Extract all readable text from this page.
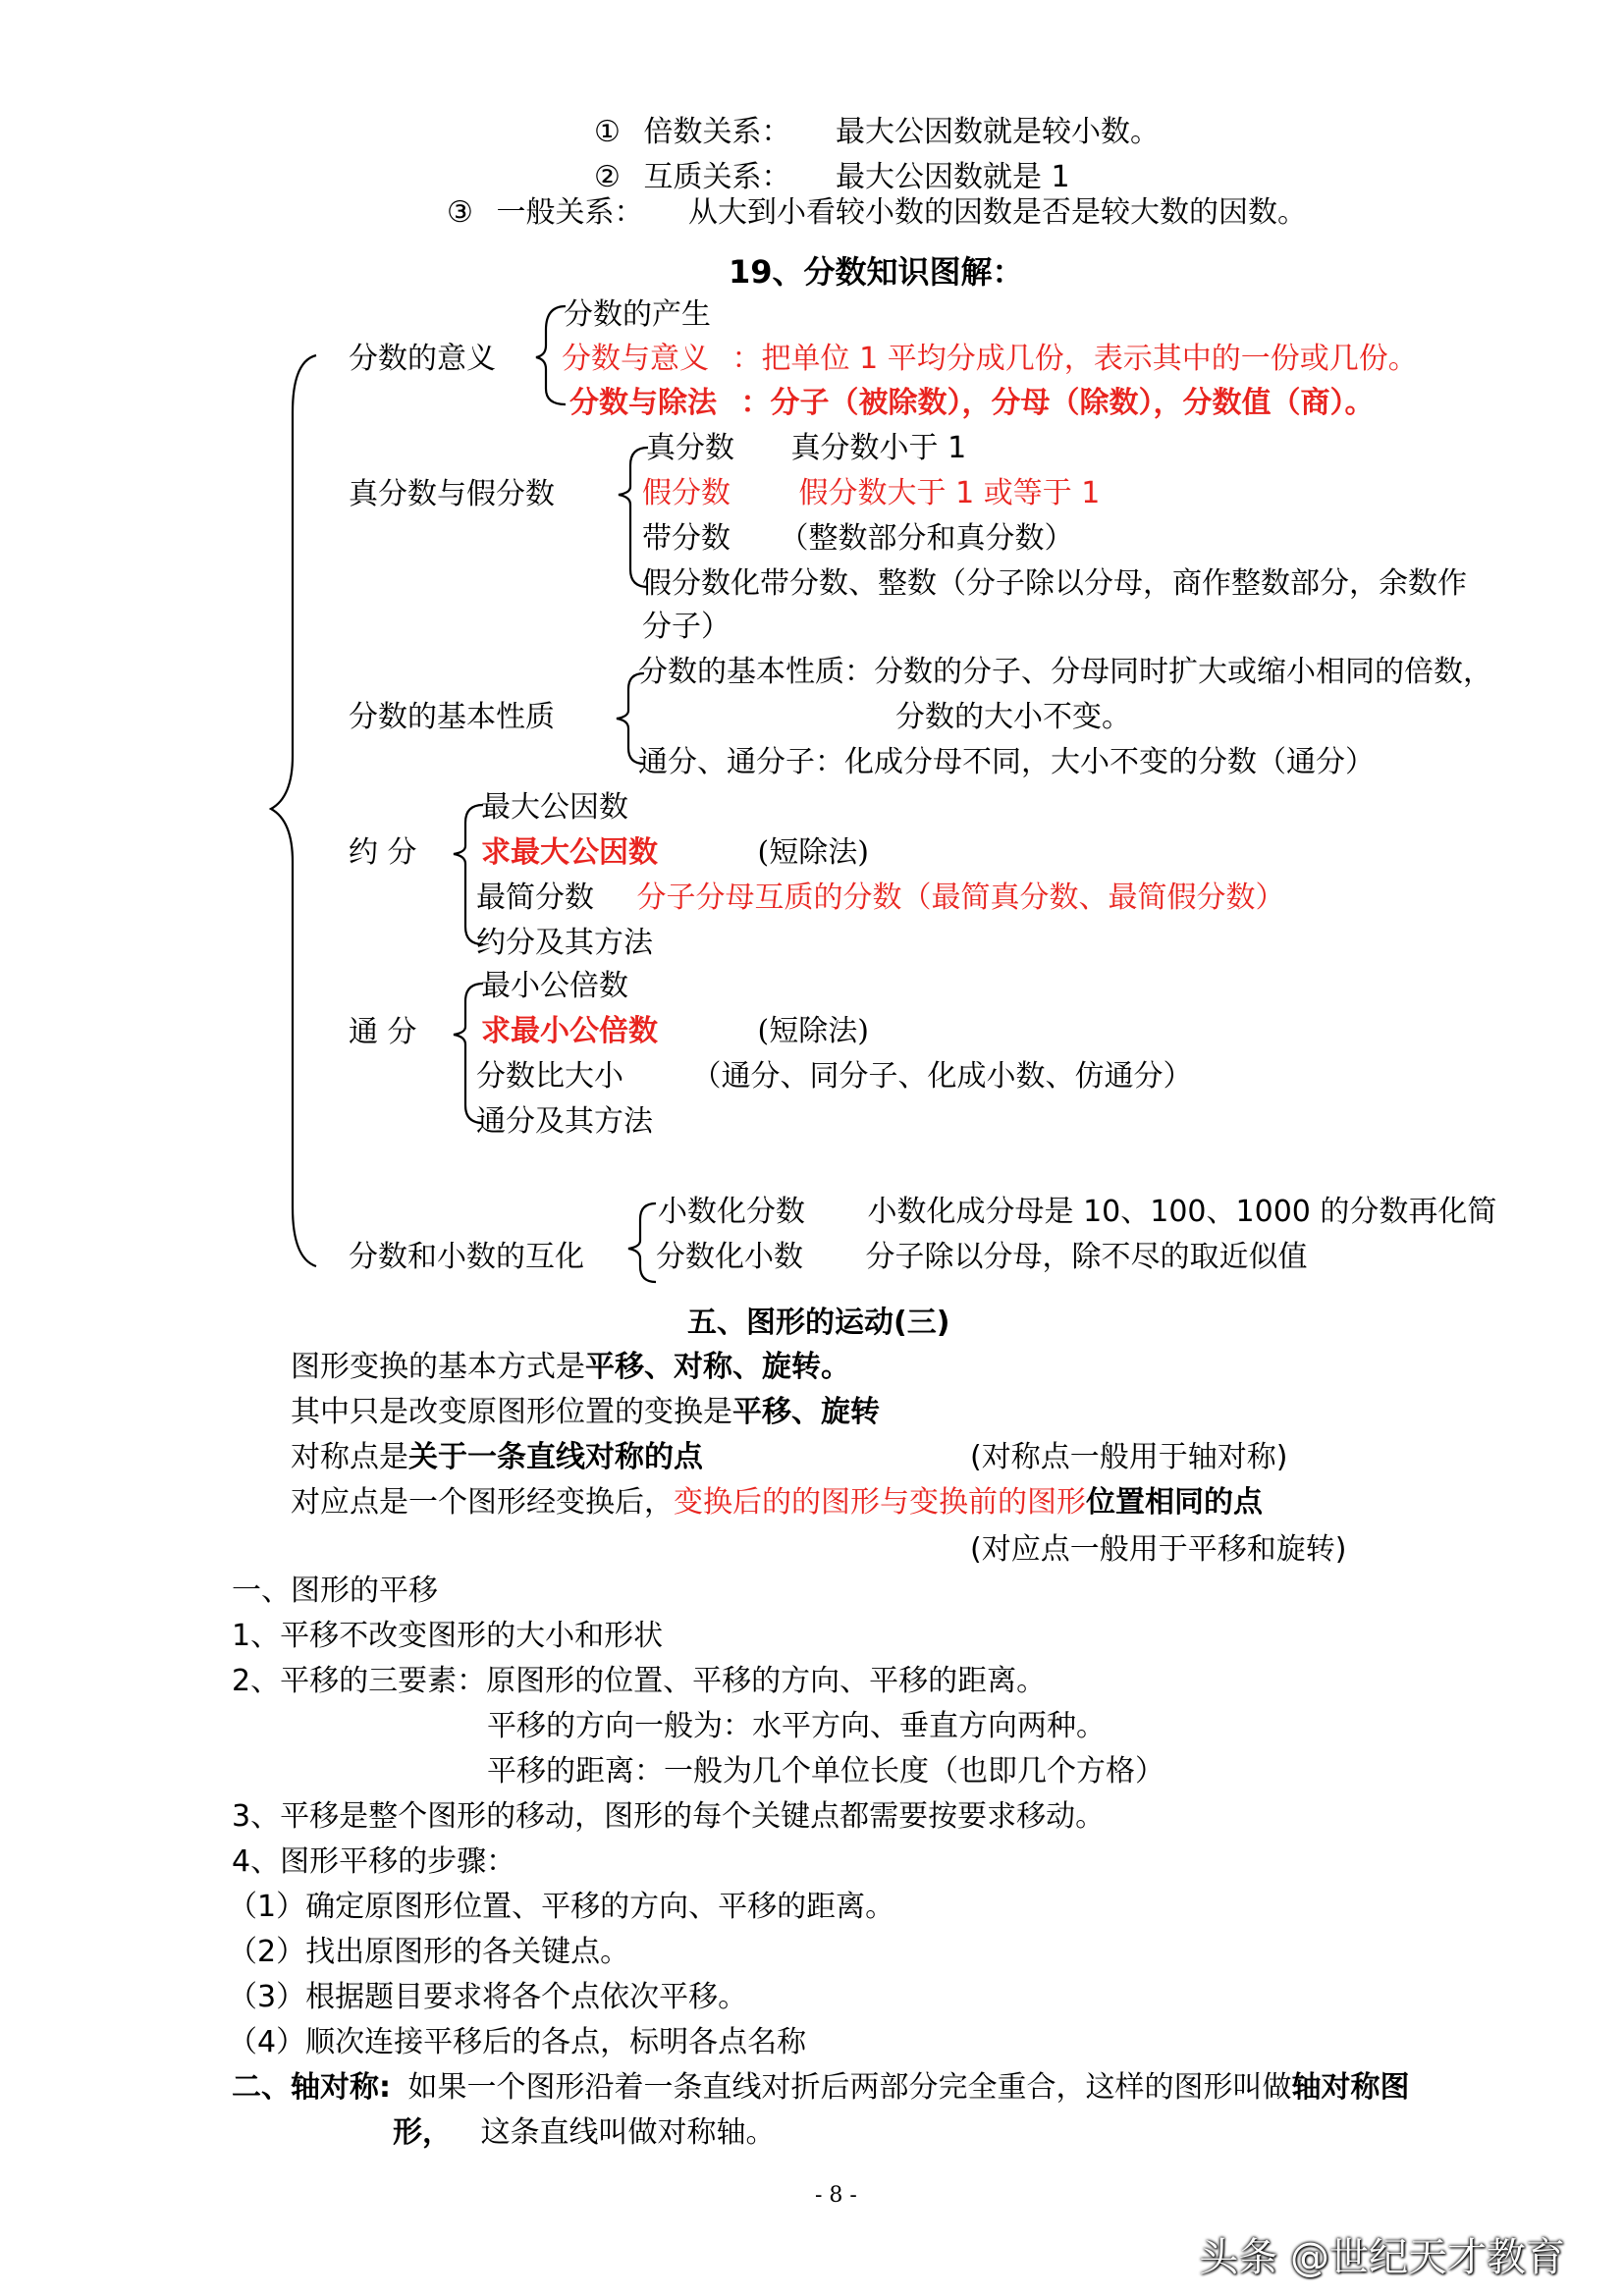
① 倍数关系： 最大公因数就是较小数。
② 互质关系： 最大公因数就是 1
③ 一般关系： 从大到小看较小数的因数是否是较大数的因数。
19、分数知识图解：
分数的意义
分数的产生
分数与意义 ：把单位 1 平均分成几份，表示其中的一份或几份。
分数与除法 ：分子（被除数），分母（除数），分数值（商）。
真分数与假分数
真分数 真分数小于 1
假分数 假分数大于 1 或等于 1
带分数 （整数部分和真分数）
假分数化带分数、整数（分子除以分母，商作整数部分，余数作
分子）
分数的基本性质
分数的基本性质：分数的分子、分母同时扩大或缩小相同的倍数，
分数的大小不变。
通分、通分子：化成分母不同，大小不变的分数（通分）
约 分
最大公因数
求最大公因数	(短除法)
最简分数 分子分母互质的分数（最简真分数、最简假分数）
约分及其方法
通 分
最小公倍数
求最小公倍数	(短除法)
分数比大小 （通分、同分子、化成小数、仿通分）
通分及其方法
分数和小数的互化
小数化分数 小数化成分母是 10、100、1000 的分数再化简
分数化小数 分子除以分母，除不尽的取近似值
五、图形的运动(三)
图形变换的基本方式是平移、对称、旋转。
其中只是改变原图形位置的变换是平移、旋转
对称点是关于一条直线对称的点	(对称点一般用于轴对称)
对应点是一个图形经变换后，变换后的的图形与变换前的图形位置相同的点
(对应点一般用于平移和旋转)
一、图形的平移
1、平移不改变图形的大小和形状
2、平移的三要素：原图形的位置、平移的方向、平移的距离。
平移的方向一般为：水平方向、垂直方向两种。
平移的距离：一般为几个单位长度（也即几个方格）
3、平移是整个图形的移动，图形的每个关键点都需要按要求移动。
4、图形平移的步骤：
（1）确定原图形位置、平移的方向、平移的距离。
（2）找出原图形的各关键点。
（3）根据题目要求将各个点依次平移。
（4）顺次连接平移后的各点，标明各点名称
二、轴对称: 如果一个图形沿着一条直线对折后两部分完全重合，这样的图形叫做轴对称图
形， 这条直线叫做对称轴。
- 8 -
头条 @世纪天才教育
